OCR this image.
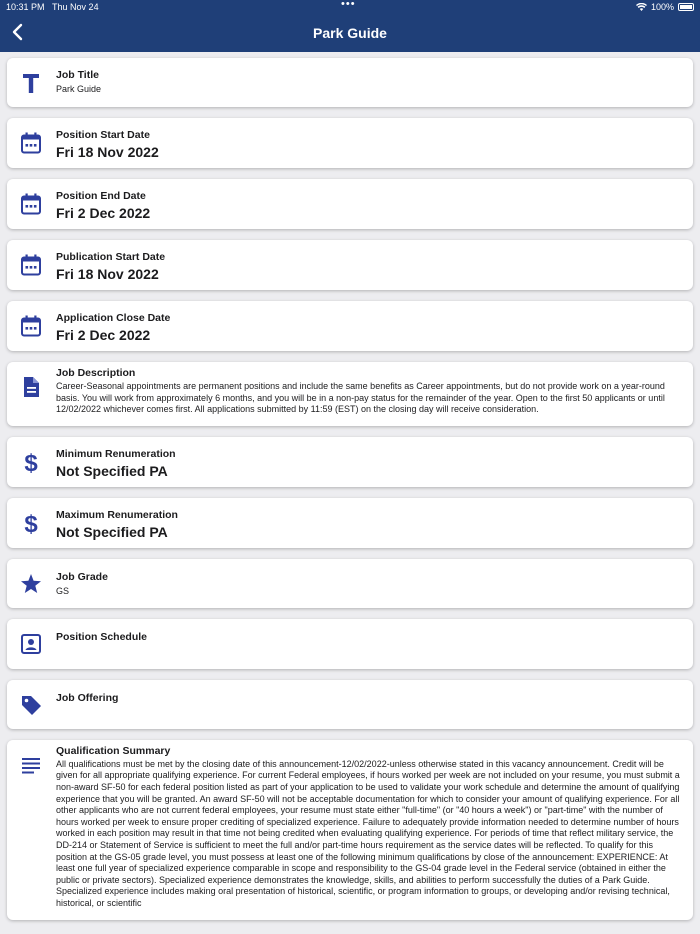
10:31 PM Thu Nov 24	•••	100%
Park Guide
Job Title
Park Guide
Position Start Date
Fri 18 Nov 2022
Position End Date
Fri 2 Dec 2022
Publication Start Date
Fri 18 Nov 2022
Application Close Date
Fri 2 Dec 2022
Job Description
Career-Seasonal appointments are permanent positions and include the same benefits as Career appointments, but do not provide work on a year-round basis. You will work from approximately 6 months, and you will be in a non-pay status for the remainder of the year. Open to the first 50 applicants or until 12/02/2022 whichever comes first. All applications submitted by 11:59 (EST) on the closing day will receive consideration.
$ Minimum Renumeration
Not Specified PA
$ Maximum Renumeration
Not Specified PA
Job Grade
GS
Position Schedule
Job Offering
Qualification Summary
All qualifications must be met by the closing date of this announcement-12/02/2022-unless otherwise stated in this vacancy announcement. Credit will be given for all appropriate qualifying experience. For current Federal employees, if hours worked per week are not included on your resume, you must submit a non-award SF-50 for each federal position listed as part of your application to be used to validate your work schedule and determine the amount of qualifying experience that you will be granted. An award SF-50 will not be acceptable documentation for which to consider your amount of qualifying experience. For all other applicants who are not current federal employees, your resume must state either "full-time" (or "40 hours a week") or "part-time" with the number of hours worked per week to ensure proper crediting of specialized experience. Failure to adequately provide information needed to determine number of hours worked in each position may result in that time not being credited when evaluating qualifying experience. For periods of time that reflect military service, the DD-214 or Statement of Service is sufficient to meet the full and/or part-time hours requirement as the service dates will be reflected. To qualify for this position at the GS-05 grade level, you must possess at least one of the following minimum qualifications by close of the announcement: EXPERIENCE: At least one full year of specialized experience comparable in scope and responsibility to the GS-04 grade level in the Federal service (obtained in either the public or private sectors). Specialized experience demonstrates the knowledge, skills, and abilities to perform successfully the duties of a Park Guide. Specialized experience includes making oral presentation of historical, scientific, or program information to groups, or developing and/or revising technical, historical, or scientific
